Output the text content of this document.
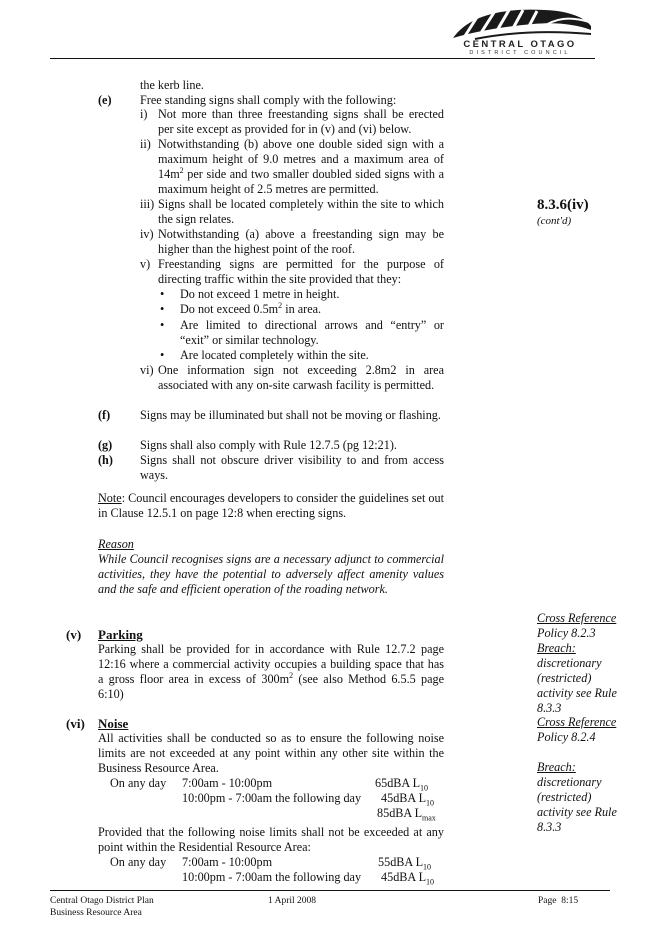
CENTRAL OTAGO
DISTRICT COUNCIL
the kerb line.
(e) Free standing signs shall comply with the following:
i) Not more than three freestanding signs shall be erected per site except as provided for in (v) and (vi) below.
ii) Notwithstanding (b) above one double sided sign with a maximum height of 9.0 metres and a maximum area of $14m^2$ per side and two smaller doubled sided signs with a maximum height of 2.5 metres are permitted.
iii) Signs shall be located completely within the site to which the sign relates.
iv) Notwithstanding (a) above a freestanding sign may be higher than the highest point of the roof.
v) Freestanding signs are permitted for the purpose of directing traffic within the site provided that they:
• Do not exceed 1 metre in height.
• Do not exceed $0.5m^2$ in area.
• Are limited to directional arrows and “entry” or “exit” or similar technology.
• Are located completely within the site.
vi) One information sign not exceeding 2.8m2 in area associated with any on-site carwash facility is permitted.
(f) Signs may be illuminated but shall not be moving or flashing.
(g) Signs shall also comply with Rule 12.7.5 (pg 12:21).
(h) Signs shall not obscure driver visibility to and from access ways.
Note: Council encourages developers to consider the guidelines set out in Clause 12.5.1 on page 12:8 when erecting signs.
Reason
While Council recognises signs are a necessary adjunct to commercial activities, they have the potential to adversely affect amenity values and the safe and efficient operation of the roading network.
(v) Parking
Parking shall be provided for in accordance with Rule 12.7.2 page 12:16 where a commercial activity occupies a building space that has a gross floor area in excess of $300m^2$ (see also Method 6.5.5 page 6:10)
(vi) Noise
All activities shall be conducted so as to ensure the following noise limits are not exceeded at any point within any other site within the Business Resource Area.
On any day 7:00am - 10:00pm	65dBA $L_{10}$
10:00pm - 7:00am the following day 45dBA $L_{10}$
85dBA $L_{max}$
Provided that the following noise limits shall not be exceeded at any point within the Residential Resource Area:
On any day 7:00am - 10:00pm	55dBA $L_{10}$
10:00pm - 7:00am the following day 45dBA $L_{10}$
8.3.6(iv)
(cont'd)
Cross Reference
Policy 8.2.3
Breach:
discretionary (restricted) activity see Rule 8.3.3
Cross Reference
Policy 8.2.4
Breach:
discretionary (restricted) activity see Rule 8.3.3
Central Otago District Plan
Business Resource Area
1 April 2008	Page  8:15
